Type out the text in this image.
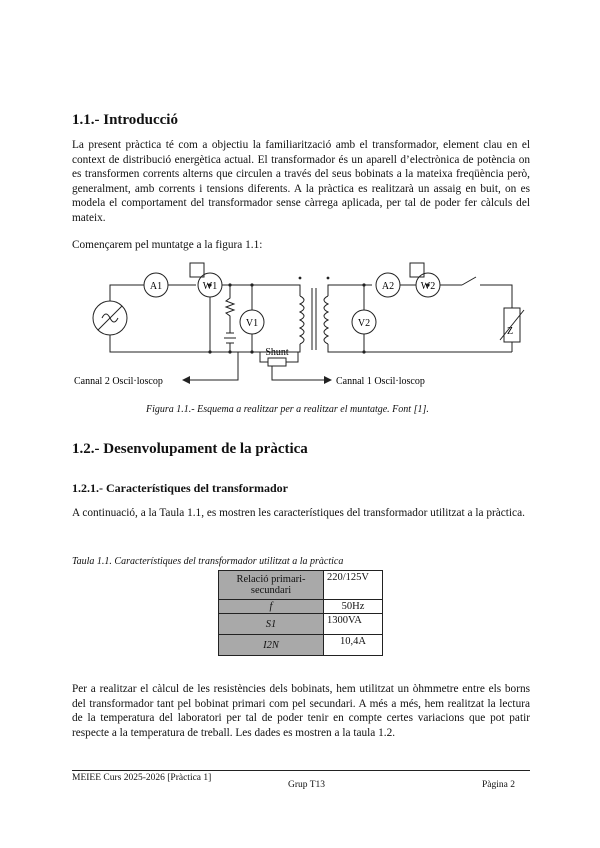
1.1.- Introducció

La present pràctica té com a objectiu la familiarització amb el transformador, element clau en el context de distribució energètica actual. El transformador és un aparell d’electrònica de potència on es transformen corrents alterns que circulen a través del seus bobinats a la mateixa freqüència però, generalment, amb corrents i tensions diferents. A la pràctica es realitzarà un assaig en buit, on es modela el comportament del transformador sense càrrega aplicada, per tal de poder fer càlculs del mateix.

Començarem pel muntatge a la figura 1.1:

A1	W1
V1	V2
A2	W2
Z
Shunt
Cannal 2 Oscil·loscop	Cannal 1 Oscil·loscop

Figura 1.1.- Esquema a realitzar per a realitzar el muntatge. Font [1].

1.2.- Desenvolupament de la pràctica
1.2.1.- Característiques del transformador

A continuació, a la Taula 1.1, es mostren les característiques del transformador utilitzat a la pràctica.

Taula 1.1. Característiques del transformador utilitzat a la pràctica

Relació primari-secundari	220/125V
f	50Hz
S1	1300VA
I2N	10,4A

Per a realitzar el càlcul de les resistències dels bobinats, hem utilitzat un òhmmetre entre els borns del transformador tant pel bobinat primari com pel secundari. A més a més, hem realitzat la lectura de la temperatura del laboratori per tal de poder tenir en compte certes variacions que pot patir respecte a la temperatura de treball. Les dades es mostren a la taula 1.2.

MEIEE Curs 2025-2026 [Pràctica 1]
Grup T13	Pàgina 2
